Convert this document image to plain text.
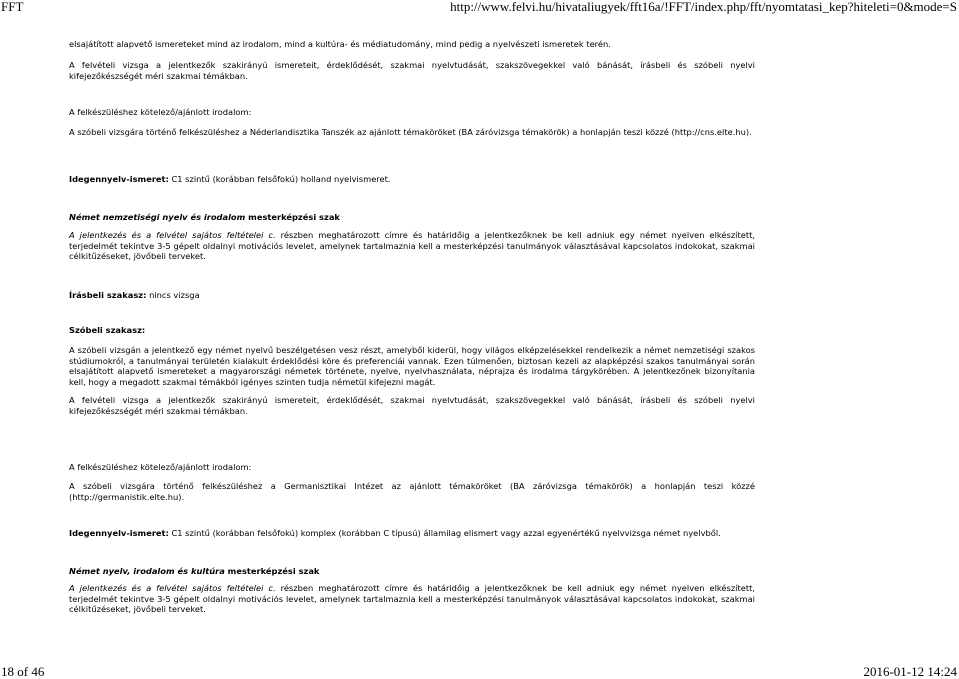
FFT	http://www.felvi.hu/hivataliugyek/fft16a/!FFT/index.php/fft/nyomtatasi_kep?hiteleti=0&mode=S

elsajátított alapvető ismereteket mind az irodalom, mind a kultúra- és médiatudomány, mind pedig a nyelvészeti ismeretek terén.

A felvételi vizsga a jelentkezők szakirányú ismereteit, érdeklődését, szakmai nyelvtudását, szakszövegekkel való bánását, írásbeli és szóbeli nyelvi kifejezőkészségét méri szakmai témákban.

A felkészüléshez kötelező/ajánlott irodalom:

A szóbeli vizsgára történő felkészüléshez a Néderlandisztika Tanszék az ajánlott témaköröket (BA záróvizsga témakörök) a honlapján teszi közzé (http://cns.elte.hu).

Idegennyelv-ismeret: C1 szintű (korábban felsőfokú) holland nyelvismeret.

Német nemzetiségi nyelv és irodalom mesterképzési szak

A jelentkezés és a felvétel sajátos feltételei c. részben meghatározott címre és határidőig a jelentkezőknek be kell adniuk egy német nyelven elkészített, terjedelmét tekintve 3-5 gépelt oldalnyi motivációs levelet, amelynek tartalmaznia kell a mesterképzési tanulmányok választásával kapcsolatos indokokat, szakmai célkitűzéseket, jövőbeli terveket.

Írásbeli szakasz: nincs vizsga

Szóbeli szakasz:

A szóbeli vizsgán a jelentkező egy német nyelvű beszélgetésen vesz részt, amelyből kiderül, hogy világos elképzelésekkel rendelkezik a német nemzetiségi szakos stúdiumokról, a tanulmányai területén kialakult érdeklődési köre és preferenciái vannak. Ezen túlmenően, biztosan kezeli az alapképzési szakos tanulmányai során elsajátított alapvető ismereteket a magyarországi németek története, nyelve, nyelvhasználata, néprajza és irodalma tárgykörében. A jelentkezőnek bizonyítania kell, hogy a megadott szakmai témákból igényes szinten tudja németül kifejezni magát.

A felvételi vizsga a jelentkezők szakirányú ismereteit, érdeklődését, szakmai nyelvtudását, szakszövegekkel való bánását, írásbeli és szóbeli nyelvi kifejezőkészségét méri szakmai témákban.

A felkészüléshez kötelező/ajánlott irodalom:

A szóbeli vizsgára történő felkészüléshez a Germanisztikai Intézet az ajánlott témaköröket (BA záróvizsga témakörök) a honlapján teszi közzé (http://germanistik.elte.hu).

Idegennyelv-ismeret: C1 szintű (korábban felsőfokú) komplex (korábban C típusú) államilag elismert vagy azzal egyenértékű nyelvvizsga német nyelvből.

Német nyelv, irodalom és kultúra mesterképzési szak

A jelentkezés és a felvétel sajátos feltételei c. részben meghatározott címre és határidőig a jelentkezőknek be kell adniuk egy német nyelven elkészített, terjedelmét tekintve 3-5 gépelt oldalnyi motivációs levelet, amelynek tartalmaznia kell a mesterképzési tanulmányok választásával kapcsolatos indokokat, szakmai célkitűzéseket, jövőbeli terveket.

18 of 46	2016-01-12 14:24
